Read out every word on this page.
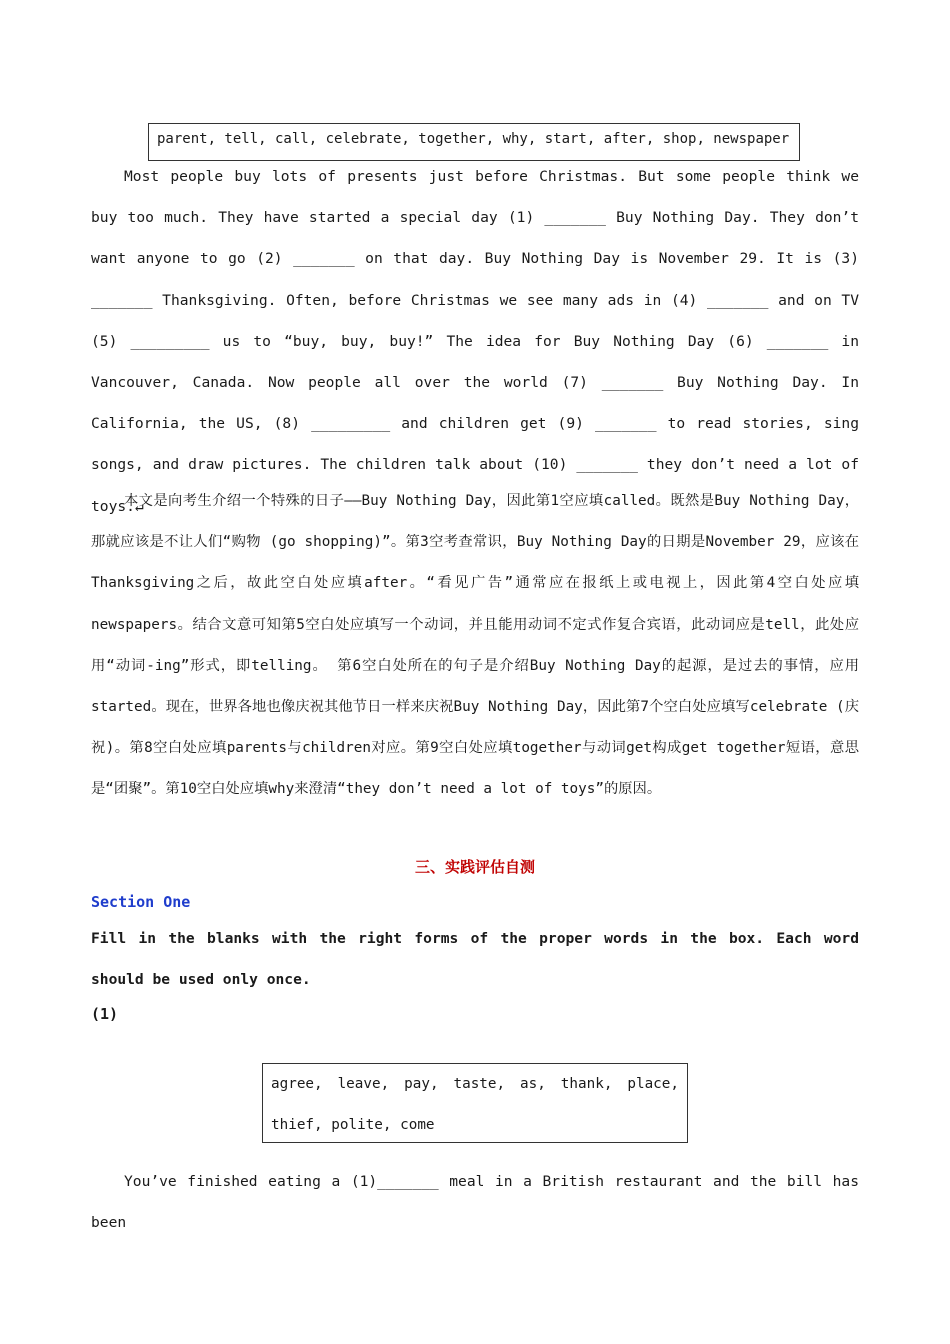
parent, tell, call, celebrate, together, why, start, after, shop, newspaper
Most people buy lots of presents just before Christmas. But some people think we buy too much. They have started a special day (1) _______ Buy Nothing Day. They don’t want anyone to go (2) _______ on that day. Buy Nothing Day is November 29. It is (3) _______ Thanksgiving. Often, before Christmas we see many ads in (4) _______ and on TV (5) _________ us to “buy, buy, buy!” The idea for Buy Nothing Day (6) _______ in Vancouver, Canada. Now people all over the world (7) _______ Buy Nothing Day. In California, the US, (8) _________ and children get (9) _______ to read stories, sing songs, and draw pictures. The children talk about (10) _______ they don’t need a lot of toys.↵
本文是向考生介绍一个特殊的日子——Buy Nothing Day，因此第1空应填called。既然是Buy Nothing Day，那就应该是不让人们“购物 (go shopping)”。第3空考查常识，Buy Nothing Day的日期是November 29，应该在Thanksgiving之后，故此空白处应填after。“看见广告”通常应在报纸上或电视上，因此第4空白处应填newspapers。结合文意可知第5空白处应填写一个动词，并且能用动词不定式作复合宾语，此动词应是tell，此处应用“动词-ing”形式，即telling。 第6空白处所在的句子是介绍Buy Nothing Day的起源，是过去的事情，应用started。现在，世界各地也像庆祝其他节日一样来庆祝Buy Nothing Day，因此第7个空白处应填写celebrate (庆祝)。第8空白处应填parents与children对应。第9空白处应填together与动词get构成get together短语，意思是“团聚”。第10空白处应填why来澄清“they don’t need a lot of toys”的原因。
三、实践评估自测
Section One
Fill in the blanks with the right forms of the proper words in the box. Each word should be used only once.
(1)
agree, leave, pay, taste, as, thank, place, thief, polite, come
You’ve finished eating a (1)_______ meal in a British restaurant and the bill has been
